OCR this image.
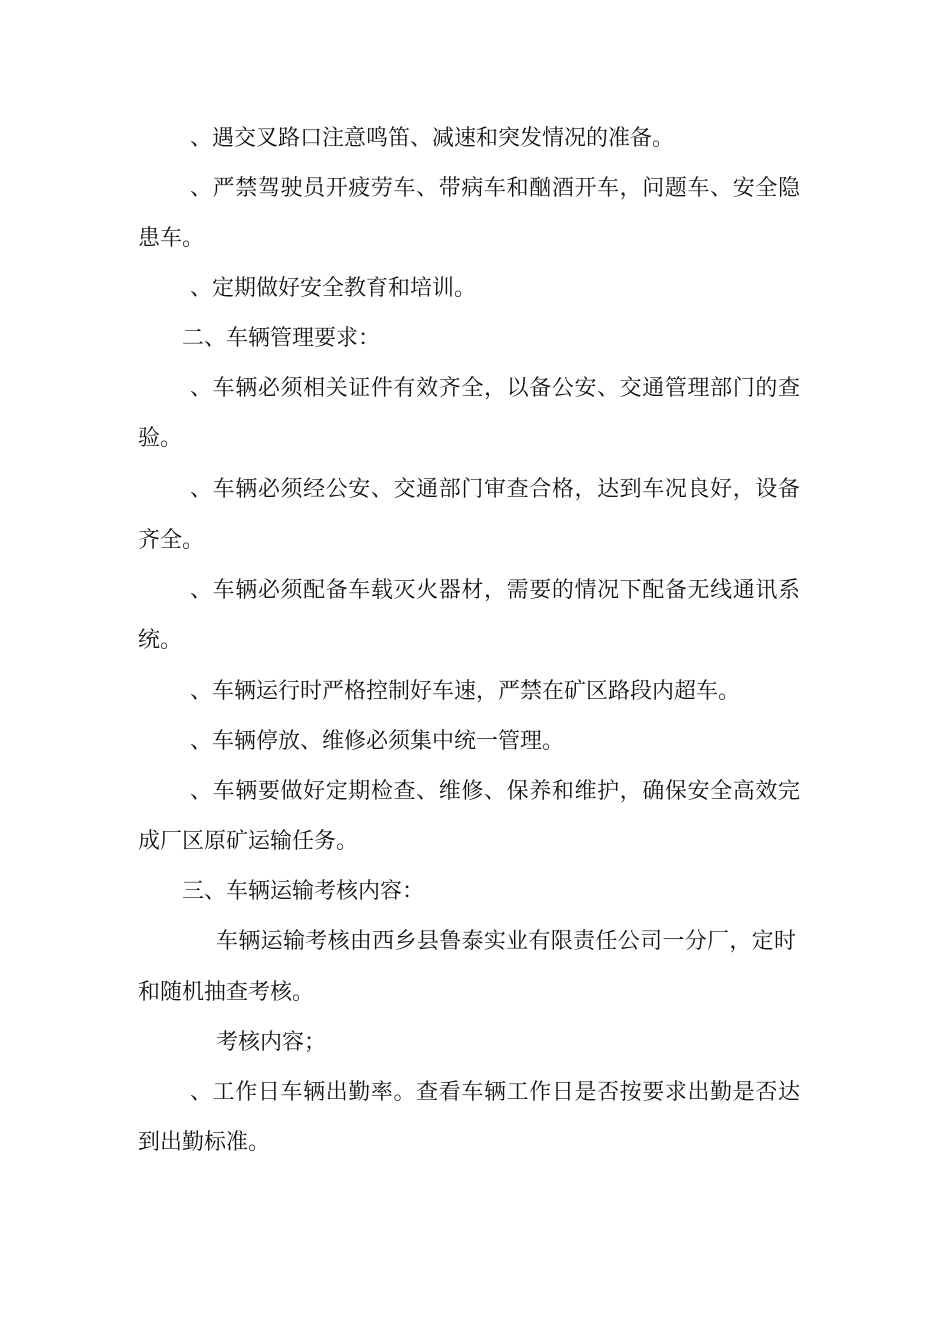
、遇交叉路口注意鸣笛、减速和突发情况的准备。
、严禁驾驶员开疲劳车、带病车和酗酒开车，问题车、安全隐
患车。
、定期做好安全教育和培训。
二、车辆管理要求：
、车辆必须相关证件有效齐全，以备公安、交通管理部门的查
验。
、车辆必须经公安、交通部门审查合格，达到车况良好，设备
齐全。
、车辆必须配备车载灭火器材，需要的情况下配备无线通讯系
统。
、车辆运行时严格控制好车速，严禁在矿区路段内超车。
、车辆停放、维修必须集中统一管理。
、车辆要做好定期检查、维修、保养和维护，确保安全高效完
成厂区原矿运输任务。
三、车辆运输考核内容：
车辆运输考核由西乡县鲁泰实业有限责任公司一分厂，定时
和随机抽查考核。
考核内容；
、工作日车辆出勤率。查看车辆工作日是否按要求出勤是否达
到出勤标准。
